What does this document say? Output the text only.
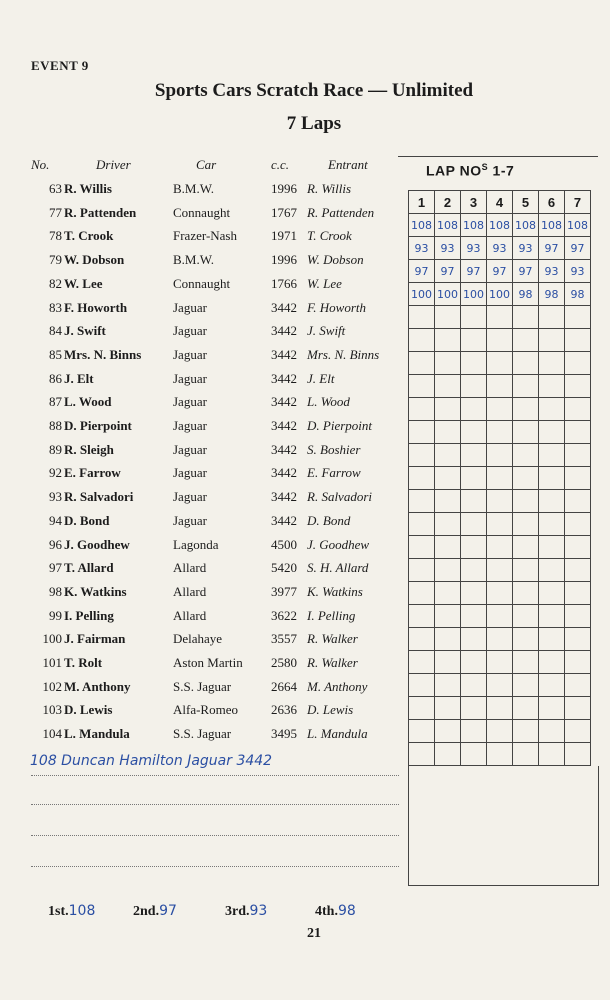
EVENT 9
Sports Cars Scratch Race — Unlimited
7 Laps
No.	Driver	Car	c.c.	Entrant
63 R. Willis	B.M.W.	1996 R. Willis
77 R. Pattenden	Connaught	1767 R. Pattenden
78 T. Crook	Frazer-Nash	1971 T. Crook
79 W. Dobson	B.M.W.	1996 W. Dobson
82 W. Lee	Connaught	1766 W. Lee
83 F. Howorth	Jaguar	3442 F. Howorth
84 J. Swift	Jaguar	3442 J. Swift
85 Mrs. N. Binns Jaguar	3442 Mrs. N. Binns
86 J. Elt	Jaguar	3442 J. Elt
87 L. Wood	Jaguar	3442 L. Wood
88 D. Pierpoint	Jaguar	3442 D. Pierpoint
89 R. Sleigh	Jaguar	3442 S. Boshier
92 E. Farrow	Jaguar	3442 E. Farrow
93 R. Salvadori	Jaguar	3442 R. Salvadori
94 D. Bond	Jaguar	3442 D. Bond
96 J. Goodhew	Lagonda	4500 J. Goodhew
97 T. Allard	Allard	5420 S. H. Allard
98 K. Watkins	Allard	3977 K. Watkins
99 I. Pelling	Allard	3622 I. Pelling
100 J. Fairman	Delahaye	3557 R. Walker
101 T. Rolt	Aston Martin 2580 R. Walker
102 M. Anthony	S.S. Jaguar	2664 M. Anthony
103 D. Lewis	Alfa-Romeo	2636 D. Lewis
104 L. Mandula	S.S. Jaguar	3495 L. Mandula
108 Duncan Hamilton Jaguar 3442
LAP $NO^S$ 1-7
1	2	3	4	5	6	7
108	108	108	108	108	108	108
93	93	93	93	93	97	97
97	97	97	97	97	93	93
100	100	100	100	98	98	98

1st.108	2nd.97	3rd.93	4th.98
21
